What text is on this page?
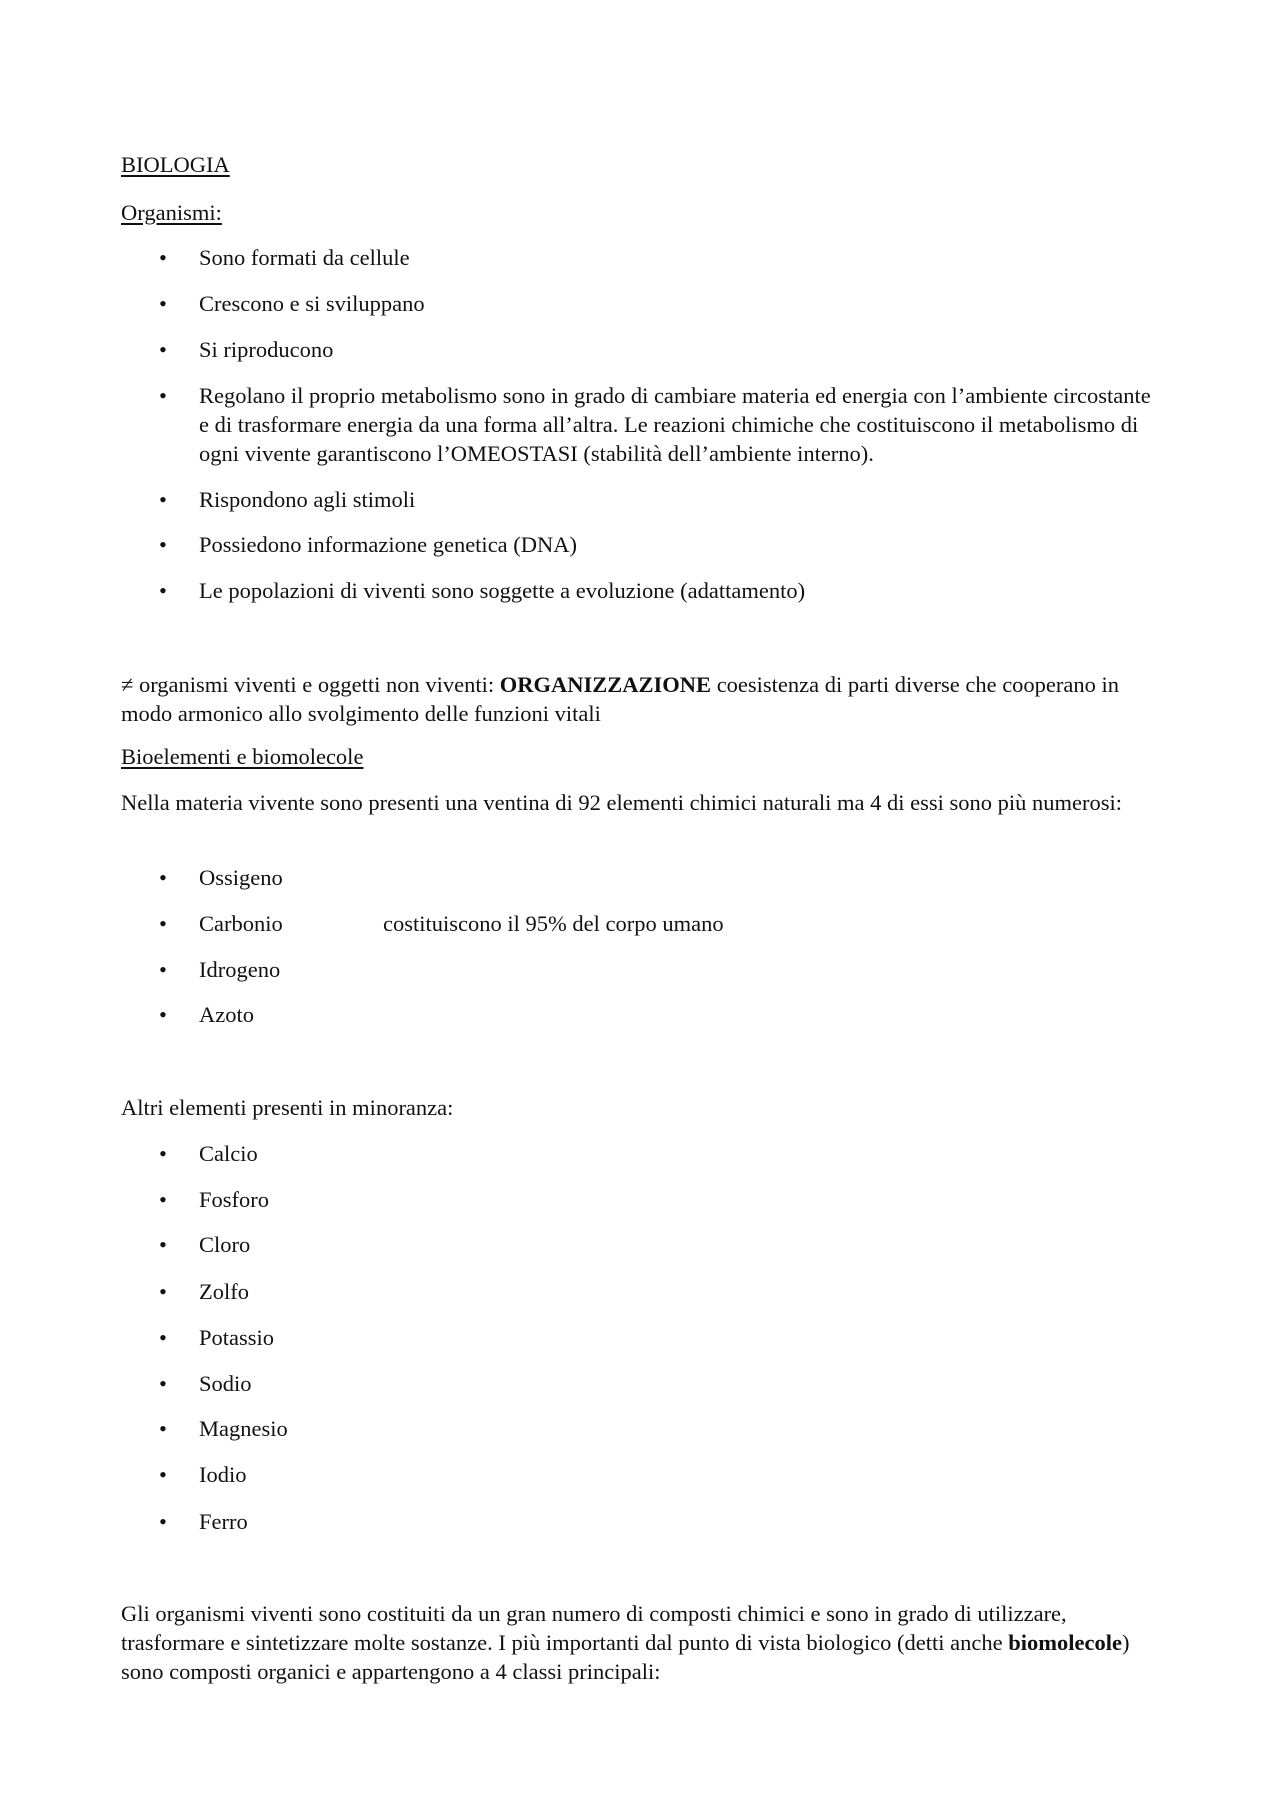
BIOLOGIA

Organismi:

• Sono formati da cellule
• Crescono e si sviluppano
• Si riproducono
• Regolano il proprio metabolismo sono in grado di cambiare materia ed energia con l’ambiente circostante e di trasformare energia da una forma all’altra. Le reazioni chimiche che costituiscono il metabolismo di ogni vivente garantiscono l’OMEOSTASI (stabilità dell’ambiente interno).
• Rispondono agli stimoli
• Possiedono informazione genetica (DNA)
• Le popolazioni di viventi sono soggette a evoluzione (adattamento)

≠ organismi viventi e oggetti non viventi: ORGANIZZAZIONE coesistenza di parti diverse che cooperano in modo armonico allo svolgimento delle funzioni vitali

Bioelementi e biomolecole

Nella materia vivente sono presenti una ventina di 92 elementi chimici naturali ma 4 di essi sono più numerosi:

• Ossigeno
• Carbonio	costituiscono il 95% del corpo umano
• Idrogeno
• Azoto

Altri elementi presenti in minoranza:

• Calcio
• Fosforo
• Cloro
• Zolfo
• Potassio
• Sodio
• Magnesio
• Iodio
• Ferro

Gli organismi viventi sono costituiti da un gran numero di composti chimici e sono in grado di utilizzare, trasformare e sintetizzare molte sostanze. I più importanti dal punto di vista biologico (detti anche biomolecole) sono composti organici e appartengono a 4 classi principali:
